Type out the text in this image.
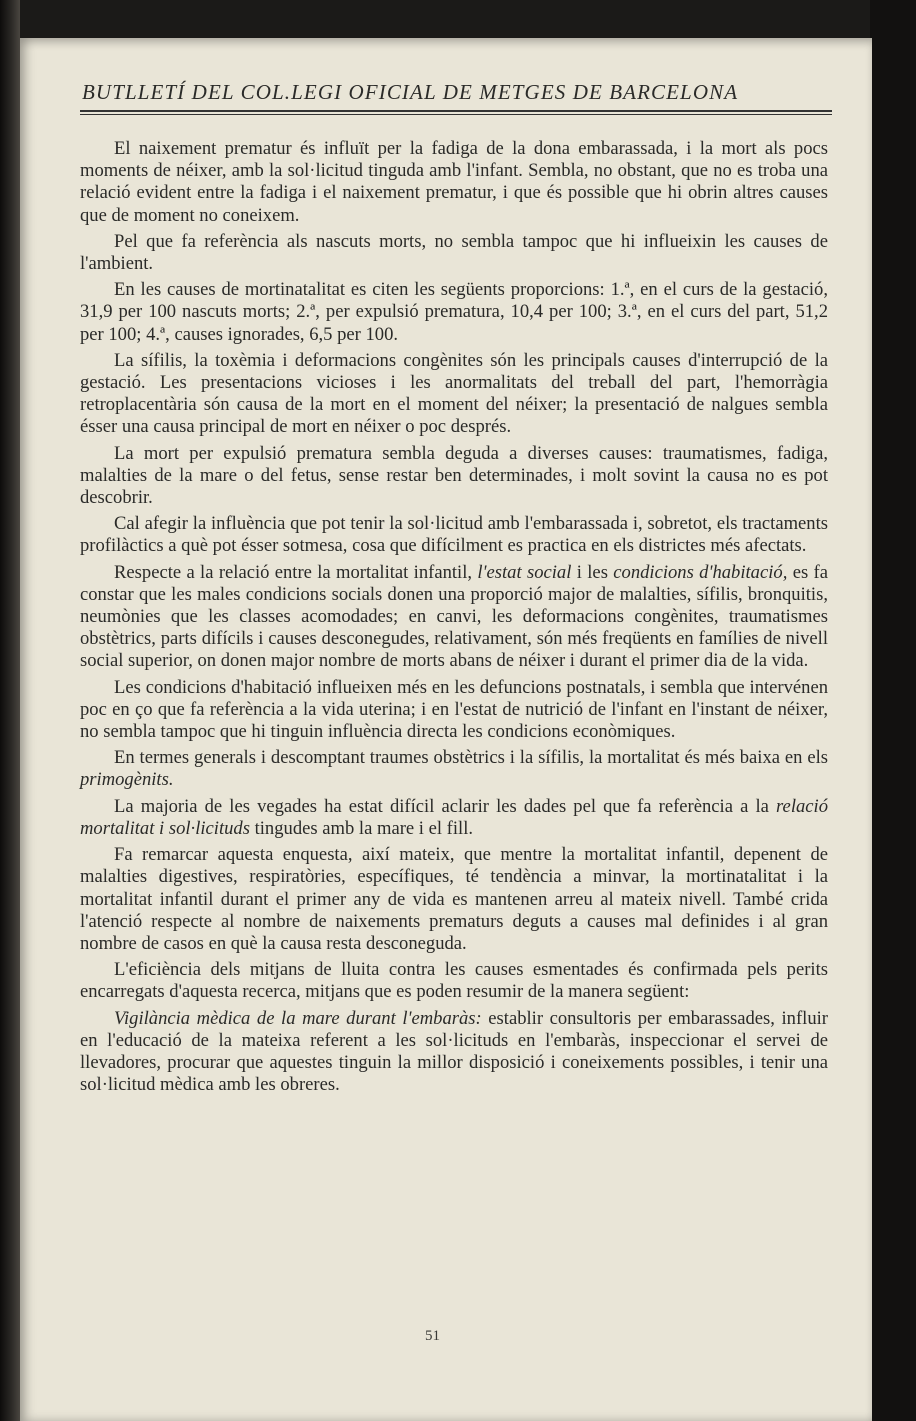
BUTLLETÍ DEL COL.LEGI OFICIAL DE METGES DE BARCELONA

El naixement prematur és influït per la fadiga de la dona embarassada, i la mort als pocs moments de néixer, amb la sol·licitud tinguda amb l'infant. Sembla, no obstant, que no es troba una relació evident entre la fadiga i el naixement prematur, i que és possible que hi obrin altres causes que de moment no coneixem.

Pel que fa referència als nascuts morts, no sembla tampoc que hi influeixin les causes de l'ambient.

En les causes de mortinatalitat es citen les següents proporcions: 1.ª, en el curs de la gestació, 31,9 per 100 nascuts morts; 2.ª, per expulsió prematura, 10,4 per 100; 3.ª, en el curs del part, 51,2 per 100; 4.ª, causes ignorades, 6,5 per 100.

La sífilis, la toxèmia i deformacions congènites són les principals causes d'interrupció de la gestació. Les presentacions vicioses i les anormalitats del treball del part, l'hemorràgia retroplacentària són causa de la mort en el moment del néixer; la presentació de nalgues sembla ésser una causa principal de mort en néixer o poc després.

La mort per expulsió prematura sembla deguda a diverses causes: traumatismes, fadiga, malalties de la mare o del fetus, sense restar ben determinades, i molt sovint la causa no es pot descobrir.

Cal afegir la influència que pot tenir la sol·licitud amb l'embarassada i, sobretot, els tractaments profilàctics a què pot ésser sotmesa, cosa que difícilment es practica en els districtes més afectats.

Respecte a la relació entre la mortalitat infantil, l'estat social i les condicions d'habitació, es fa constar que les males condicions socials donen una proporció major de malalties, sífilis, bronquitis, neumònies que les classes acomodades; en canvi, les deformacions congènites, traumatismes obstètrics, parts difícils i causes desconegudes, relativament, són més freqüents en famílies de nivell social superior, on donen major nombre de morts abans de néixer i durant el primer dia de la vida.

Les condicions d'habitació influeixen més en les defuncions postnatals, i sembla que intervénen poc en ço que fa referència a la vida uterina; i en l'estat de nutrició de l'infant en l'instant de néixer, no sembla tampoc que hi tinguin influència directa les condicions econòmiques.

En termes generals i descomptant traumes obstètrics i la sífilis, la mortalitat és més baixa en els primogènits.

La majoria de les vegades ha estat difícil aclarir les dades pel que fa referència a la relació mortalitat i sol·licituds tingudes amb la mare i el fill.

Fa remarcar aquesta enquesta, així mateix, que mentre la mortalitat infantil, depenent de malalties digestives, respiratòries, específiques, té tendència a minvar, la mortinatalitat i la mortalitat infantil durant el primer any de vida es mantenen arreu al mateix nivell. També crida l'atenció respecte al nombre de naixements prematurs deguts a causes mal definides i al gran nombre de casos en què la causa resta desconeguda.

L'eficiència dels mitjans de lluita contra les causes esmentades és confirmada pels perits encarregats d'aquesta recerca, mitjans que es poden resumir de la manera següent:

Vigilància mèdica de la mare durant l'embaràs: establir consultoris per embarassades, influir en l'educació de la mateixa referent a les sol·licituds en l'embaràs, inspeccionar el servei de llevadores, procurar que aquestes tinguin la millor disposició i coneixements possibles, i tenir una sol·licitud mèdica amb les obreres.

51
